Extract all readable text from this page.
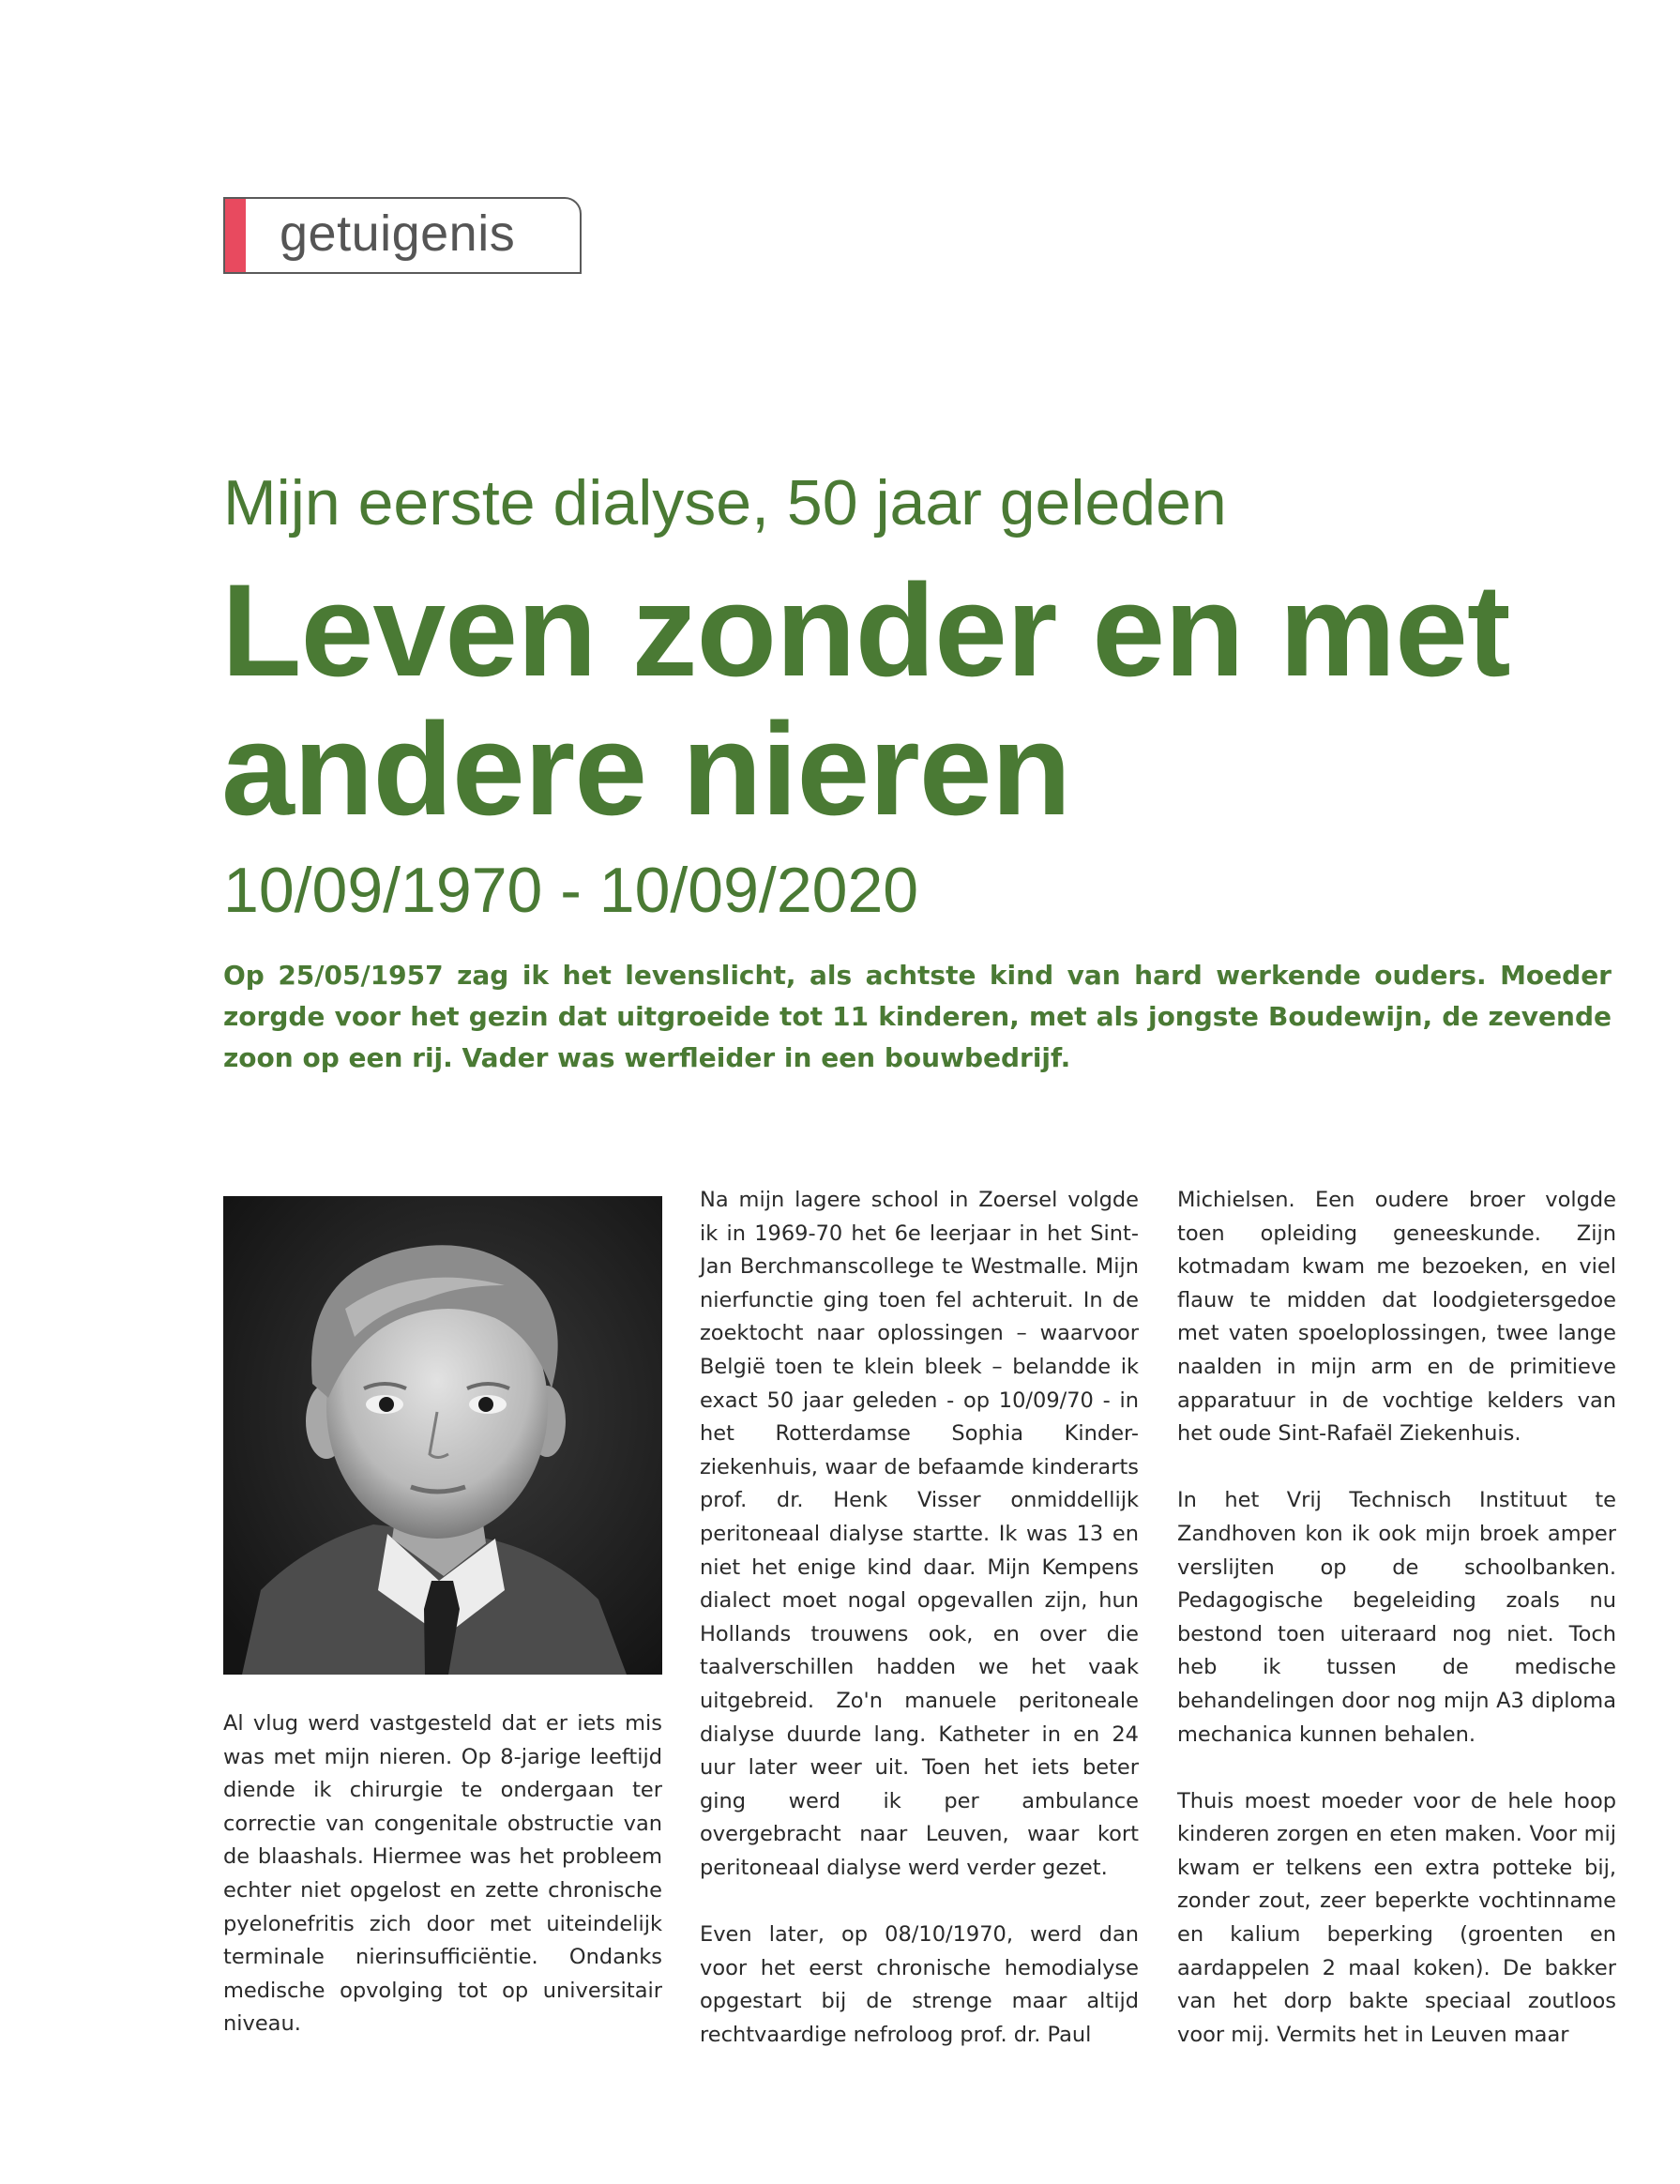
getuigenis
Mijn eerste dialyse, 50 jaar geleden
Leven zonder en met andere nieren
10/09/1970 - 10/09/2020

Op 25/05/1957 zag ik het levenslicht, als achtste kind van hard werkende ouders. Moeder zorgde voor het gezin dat uitgroeide tot 11 kinderen, met als jongste Boudewijn, de zevende zoon op een rij. Vader was werfleider in een bouwbedrijf.

Al vlug werd vastgesteld dat er iets mis was met mijn nieren. Op 8-jarige leeftijd diende ik chirurgie te ondergaan ter correctie van congenitale obstructie van de blaashals. Hiermee was het probleem echter niet opgelost en zette chronische pyelonefritis zich door met uiteindelijk terminale nierinsufficiëntie. Ondanks medische opvolging tot op universitair niveau.

Na mijn lagere school in Zoersel volgde ik in 1969-70 het 6e leerjaar in het Sint-Jan Berchmanscollege te Westmalle. Mijn nierfunctie ging toen fel achteruit. In de zoektocht naar oplossingen – waarvoor België toen te klein bleek – belandde ik exact 50 jaar geleden - op 10/09/70 - in het Rotterdamse Sophia Kinder-ziekenhuis, waar de befaamde kinderarts prof. dr. Henk Visser onmiddellijk peritoneaal dialyse startte. Ik was 13 en niet het enige kind daar. Mijn Kempens dialect moet nogal opgevallen zijn, hun Hollands trouwens ook, en over die taalverschillen hadden we het vaak uitgebreid. Zo'n manuele peritoneale dialyse duurde lang. Katheter in en 24 uur later weer uit. Toen het iets beter ging werd ik per ambulance overgebracht naar Leuven, waar kort peritoneaal dialyse werd verder gezet.

Even later, op 08/10/1970, werd dan voor het eerst chronische hemodialyse opgestart bij de strenge maar altijd rechtvaardige nefroloog prof. dr. Paul

Michielsen. Een oudere broer volgde toen opleiding geneeskunde. Zijn kotmadam kwam me bezoeken, en viel flauw te midden dat loodgietersgedoe met vaten spoeloplossingen, twee lange naalden in mijn arm en de primitieve apparatuur in de vochtige kelders van het oude Sint-Rafaël Ziekenhuis.

In het Vrij Technisch Instituut te Zandhoven kon ik ook mijn broek amper verslijten op de schoolbanken. Pedagogische begeleiding zoals nu bestond toen uiteraard nog niet. Toch heb ik tussen de medische behandelingen door nog mijn A3 diploma mechanica kunnen behalen.

Thuis moest moeder voor de hele hoop kinderen zorgen en eten maken. Voor mij kwam er telkens een extra potteke bij, zonder zout, zeer beperkte vochtinname en kalium beperking (groenten en aardappelen 2 maal koken). De bakker van het dorp bakte speciaal zoutloos voor mij. Vermits het in Leuven maar
